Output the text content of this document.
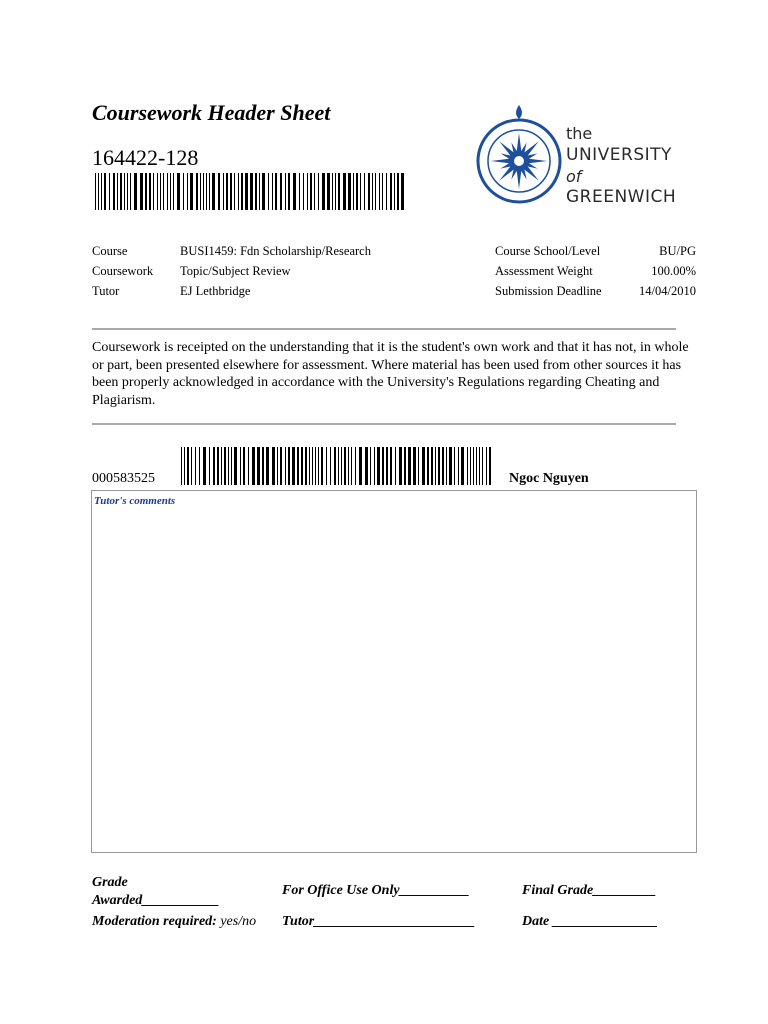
Coursework Header Sheet
164422-128
the
UNIVERSITY
of
GREENWICH
Course
Coursework
Tutor
BUSI1459: Fdn Scholarship/Research
Topic/Subject Review
EJ Lethbridge
Course School/Level
Assessment Weight
Submission Deadline
BU/PG
100.00%
14/04/2010
Coursework is receipted on the understanding that it is the student's own work and that it has not, in whole or part, been presented elsewhere for assessment. Where material has been used from other sources it has been properly acknowledged in accordance with the University's Regulations regarding Cheating and Plagiarism.
000583525	Ngoc Nguyen
Tutor's comments
Grade
Awarded___________
Moderation required: yes/no
For Office Use Only__________
Tutor_______________________
Final Grade_________
Date _______________
